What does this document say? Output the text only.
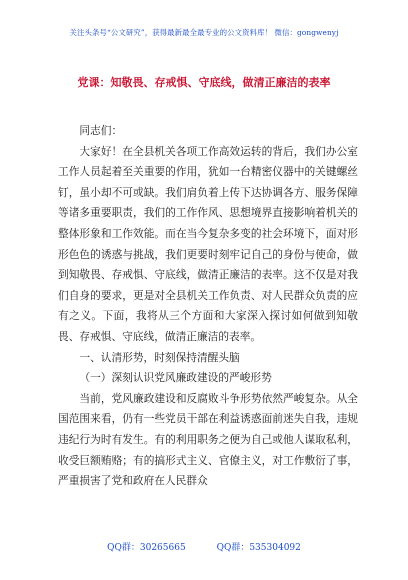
关注头条号“公文研究”，获得最新最全最专业的公文资料库！ 微信：gongwenyj
党课：知敬畏、存戒惧、守底线，做清正廉洁的表率

同志们：

大家好！在全县机关各项工作高效运转的背后，我们办公室工作人员起着至关重要的作用，犹如一台精密仪器中的关键螺丝钉，虽小却不可或缺。我们肩负着上传下达协调各方、服务保障等诸多重要职责，我们的工作作风、思想境界直接影响着机关的整体形象和工作效能。而在当今复杂多变的社会环境下，面对形形色色的诱惑与挑战，我们更要时刻牢记自己的身份与使命，做到知敬畏、存戒惧、守底线，做清正廉洁的表率。这不仅是对我们自身的要求，更是对全县机关工作负责、对人民群众负责的应有之义。下面，我将从三个方面和大家深入探讨如何做到知敬畏、存戒惧、守底线，做清正廉洁的表率。

一、认清形势，时刻保持清醒头脑

（一）深刻认识党风廉政建设的严峻形势

当前，党风廉政建设和反腐败斗争形势依然严峻复杂。从全国范围来看，仍有一些党员干部在利益诱惑面前迷失自我，违规违纪行为时有发生。有的利用职务之便为自己或他人谋取私利，收受巨额贿赂；有的搞形式主义、官僚主义，对工作敷衍了事，严重损害了党和政府在人民群众

QQ群：30265665	QQ群：535304092
